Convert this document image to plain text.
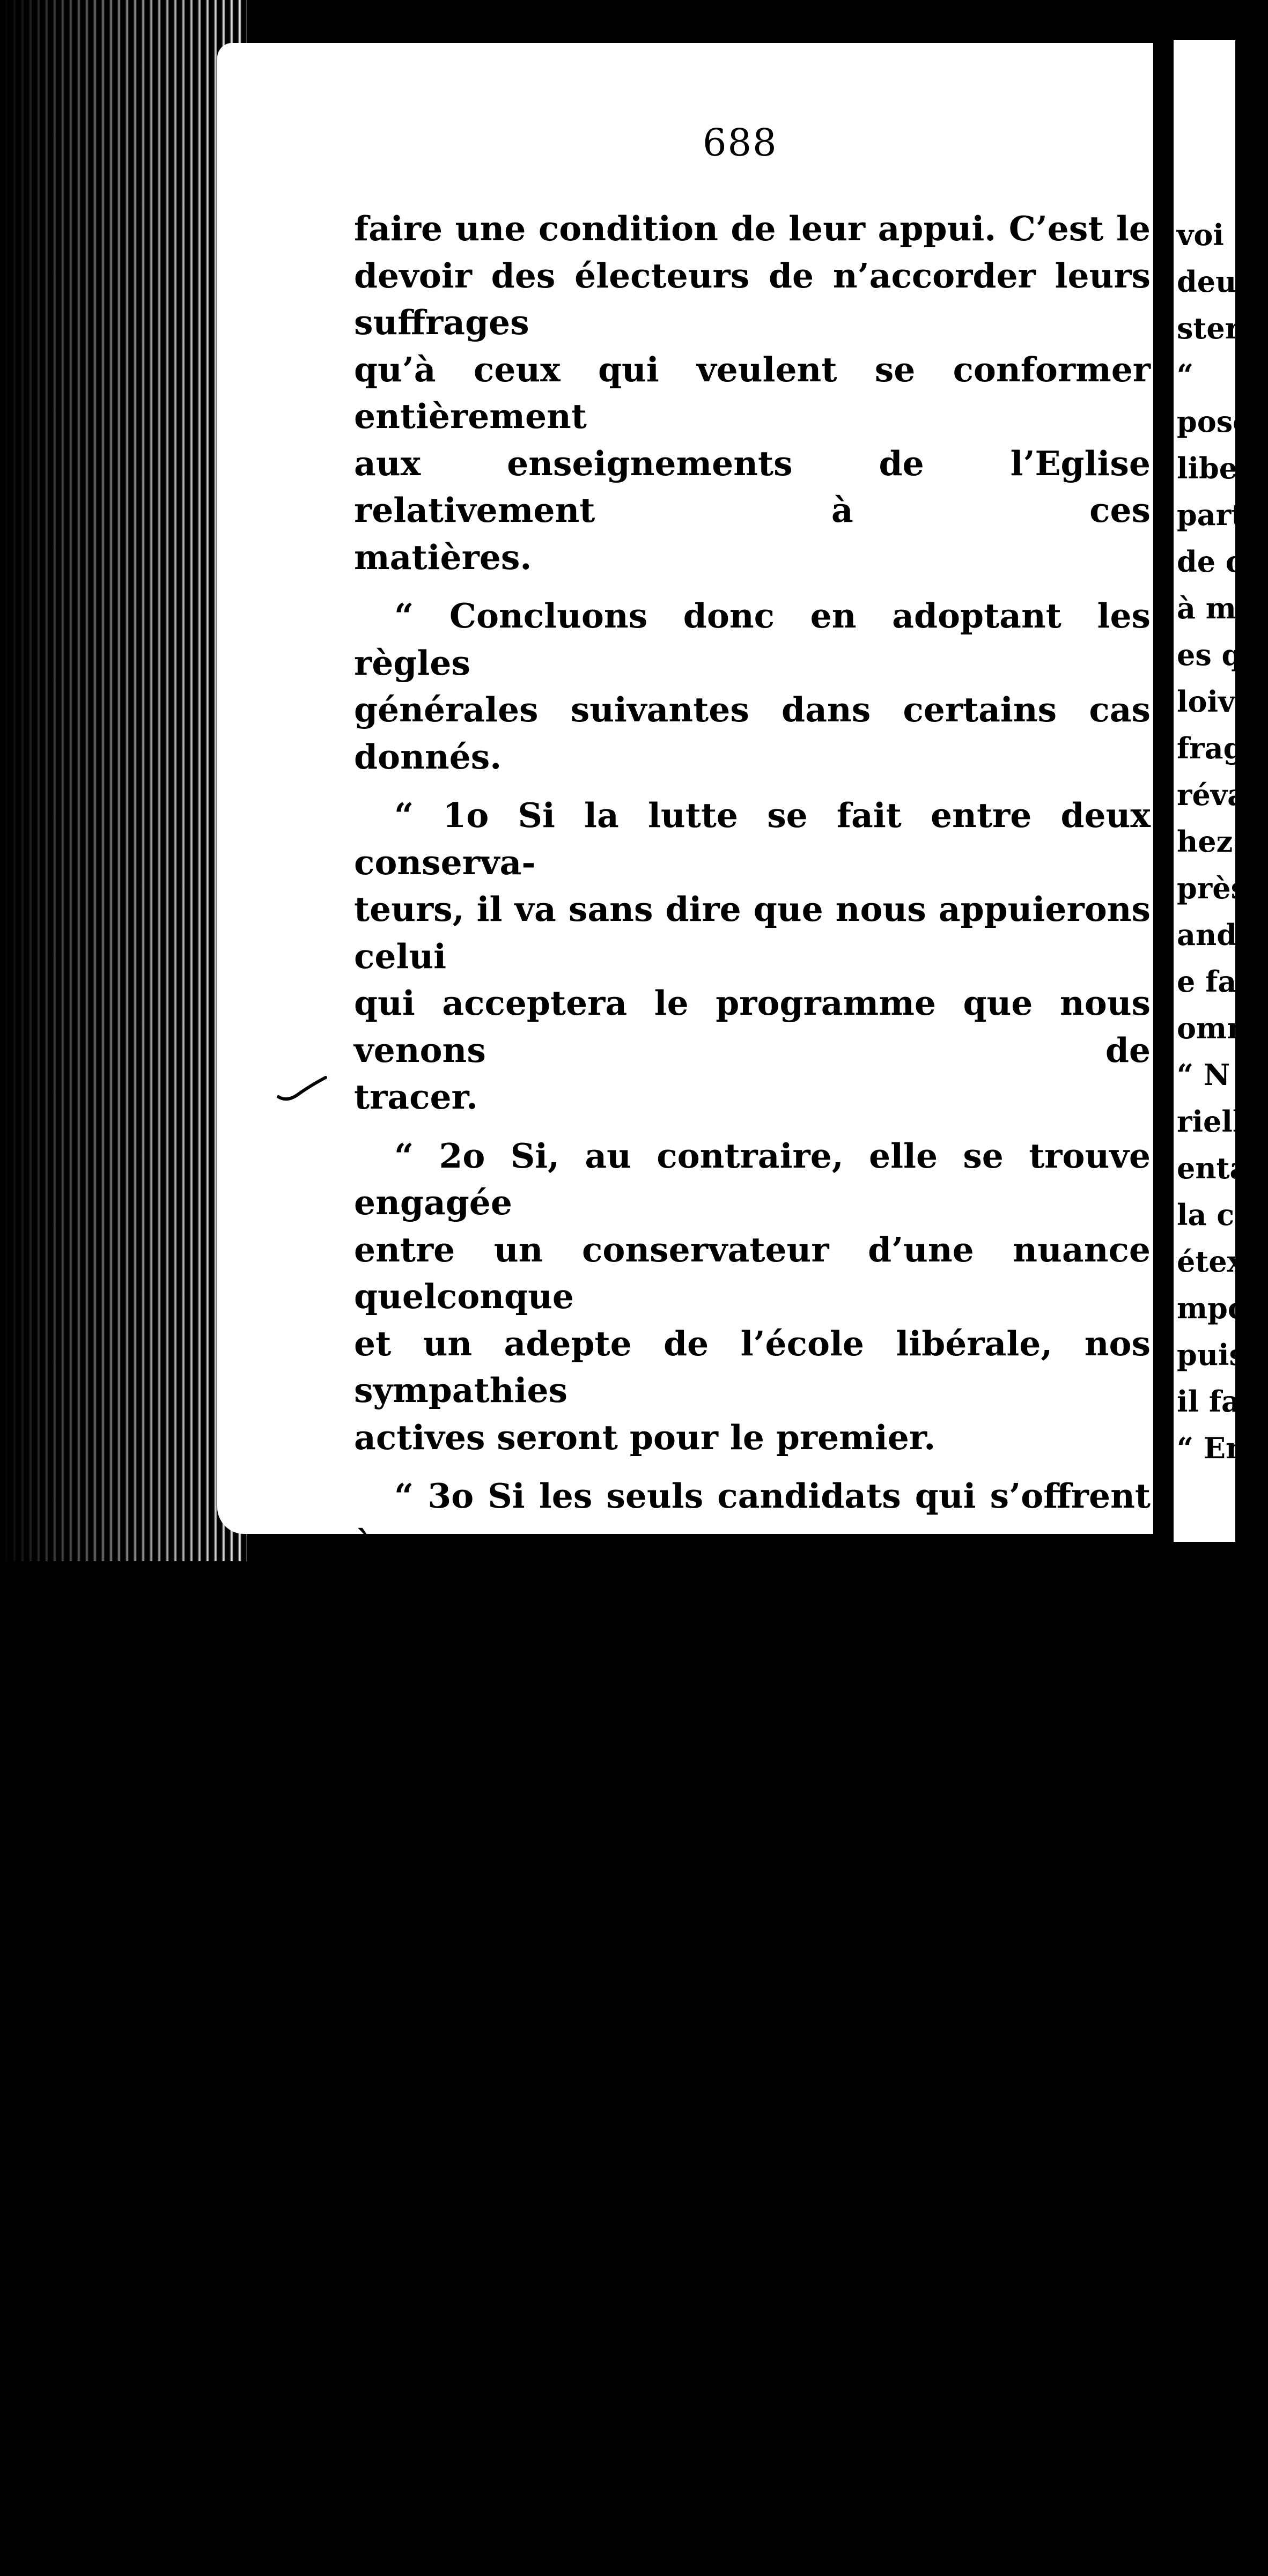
688
faire une condition de leur appui. C’est le
devoir des électeurs de n’accorder leurs suffrages
qu’à ceux qui veulent se conformer entièrement
aux enseignements de l’Eglise relativement à ces
matières.
“ Concluons donc en adoptant les règles
générales suivantes dans certains cas donnés.
“ 1o Si la lutte se fait entre deux conserva-
teurs, il va sans dire que nous appuierons celui
qui acceptera le programme que nous venons de
tracer.
“ 2o Si, au contraire, elle se trouve engagée
entre un conservateur d’une nuance quelconque
et un adepte de l’école libérale, nos sympathies
actives seront pour le premier.
“ 3o Si les seuls candidats qui s’offrent à nos
suffrages dans une comté sont tous libéraux ou
oppositionnistes, nous devons choisir celui qui
souscrira a nos conditions.
“ 4o Enfin, dans le cas où la contestation serait
engagée entre un conservateur rejetant notre
programme, et un oppositionniste quand même
l’acceptant, la position serait plus délicate.
“ Voter pour le premier, serait nous mettre en
contradiction avec la doctrine que nous venons
d’exposer. Voter pour le second, serait mettre
en péril ce parti conservateur que nous voudrions
voi
deu
ster
“
posé
liber
part
de cl
à me
es q
loive
frage
réva
hez
près
andid
e fai
omm
“ N
rielle
enta
la c
étext
mpo
puis,
il fa
“ En
